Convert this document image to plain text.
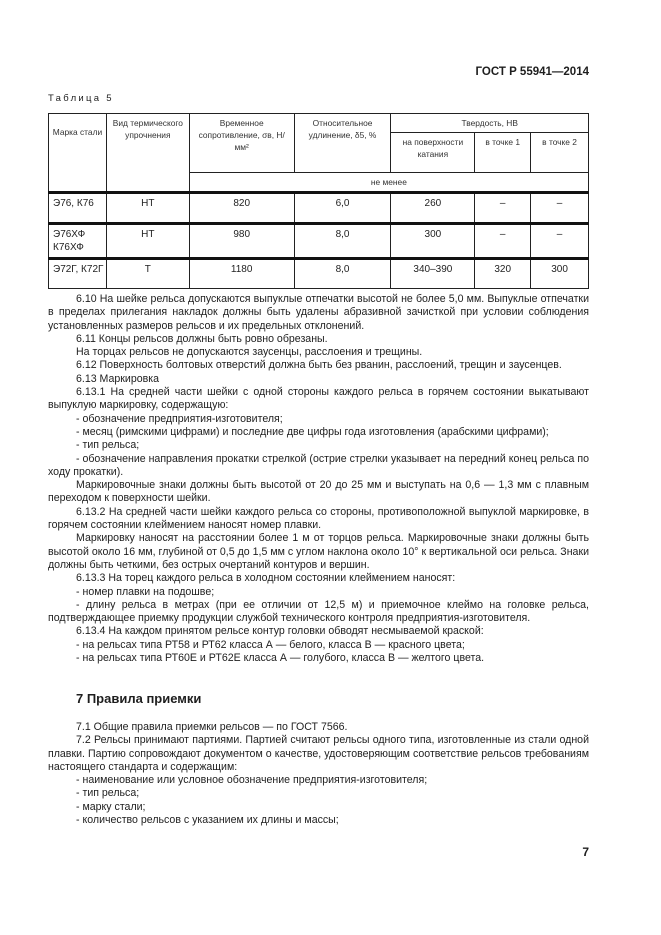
ГОСТ Р 55941—2014
Таблица 5
Марка стали	Вид термического упрочнения	Временное сопротивление, σв, Н/мм²	Относительное удлинение, δ5, %	Твердость, НВ		
				на поверхности катания	в точке 1	в точке 2
		не менее				
Э76, К76	НТ	820	6,0	260	–	–
Э76ХФ К76ХФ	НТ	980	8,0	300	–	–
Э72Г, К72Г	Т	1180	8,0	340–390	320	300

6.10 На шейке рельса допускаются выпуклые отпечатки высотой не более 5,0 мм. Выпуклые отпечатки в пределах прилегания накладок должны быть удалены абразивной зачисткой при условии соблюдения установленных размеров рельсов и их предельных отклонений.

6.11 Концы рельсов должны быть ровно обрезаны.

На торцах рельсов не допускаются заусенцы, расслоения и трещины.

6.12 Поверхность болтовых отверстий должна быть без рванин, расслоений, трещин и заусенцев.

6.13 Маркировка

6.13.1 На средней части шейки с одной стороны каждого рельса в горячем состоянии выкатывают выпуклую маркировку, содержащую:

- обозначение предприятия-изготовителя;

- месяц (римскими цифрами) и последние две цифры года изготовления (арабскими цифрами);

- тип рельса;

- обозначение направления прокатки стрелкой (острие стрелки указывает на передний конец рельса по ходу прокатки).

Маркировочные знаки должны быть высотой от 20 до 25 мм и выступать на 0,6 — 1,3 мм с плавным переходом к поверхности шейки.

6.13.2 На средней части шейки каждого рельса со стороны, противоположной выпуклой маркировке, в горячем состоянии клеймением наносят номер плавки.

Маркировку наносят на расстоянии более 1 м от торцов рельса. Маркировочные знаки должны быть высотой около 16 мм, глубиной от 0,5 до 1,5 мм с углом наклона около 10° к вертикальной оси рельса. Знаки должны быть четкими, без острых очертаний контуров и вершин.

6.13.3 На торец каждого рельса в холодном состоянии клеймением наносят:

- номер плавки на подошве;

- длину рельса в метрах (при ее отличии от 12,5 м) и приемочное клеймо на головке рельса, подтверждающее приемку продукции службой технического контроля предприятия-изготовителя.

6.13.4 На каждом принятом рельсе контур головки обводят несмываемой краской:

- на рельсах типа РТ58 и РТ62 класса А — белого, класса В — красного цвета;

- на рельсах типа РТ60Е и РТ62Е класса А — голубого, класса В — желтого цвета.

7 Правила приемки

7.1 Общие правила приемки рельсов — по ГОСТ 7566.

7.2 Рельсы принимают партиями. Партией считают рельсы одного типа, изготовленные из стали одной плавки. Партию сопровождают документом о качестве, удостоверяющим соответствие рельсов требованиям настоящего стандарта и содержащим:

- наименование или условное обозначение предприятия-изготовителя;

- тип рельса;

- марку стали;

- количество рельсов с указанием их длины и массы;

7
